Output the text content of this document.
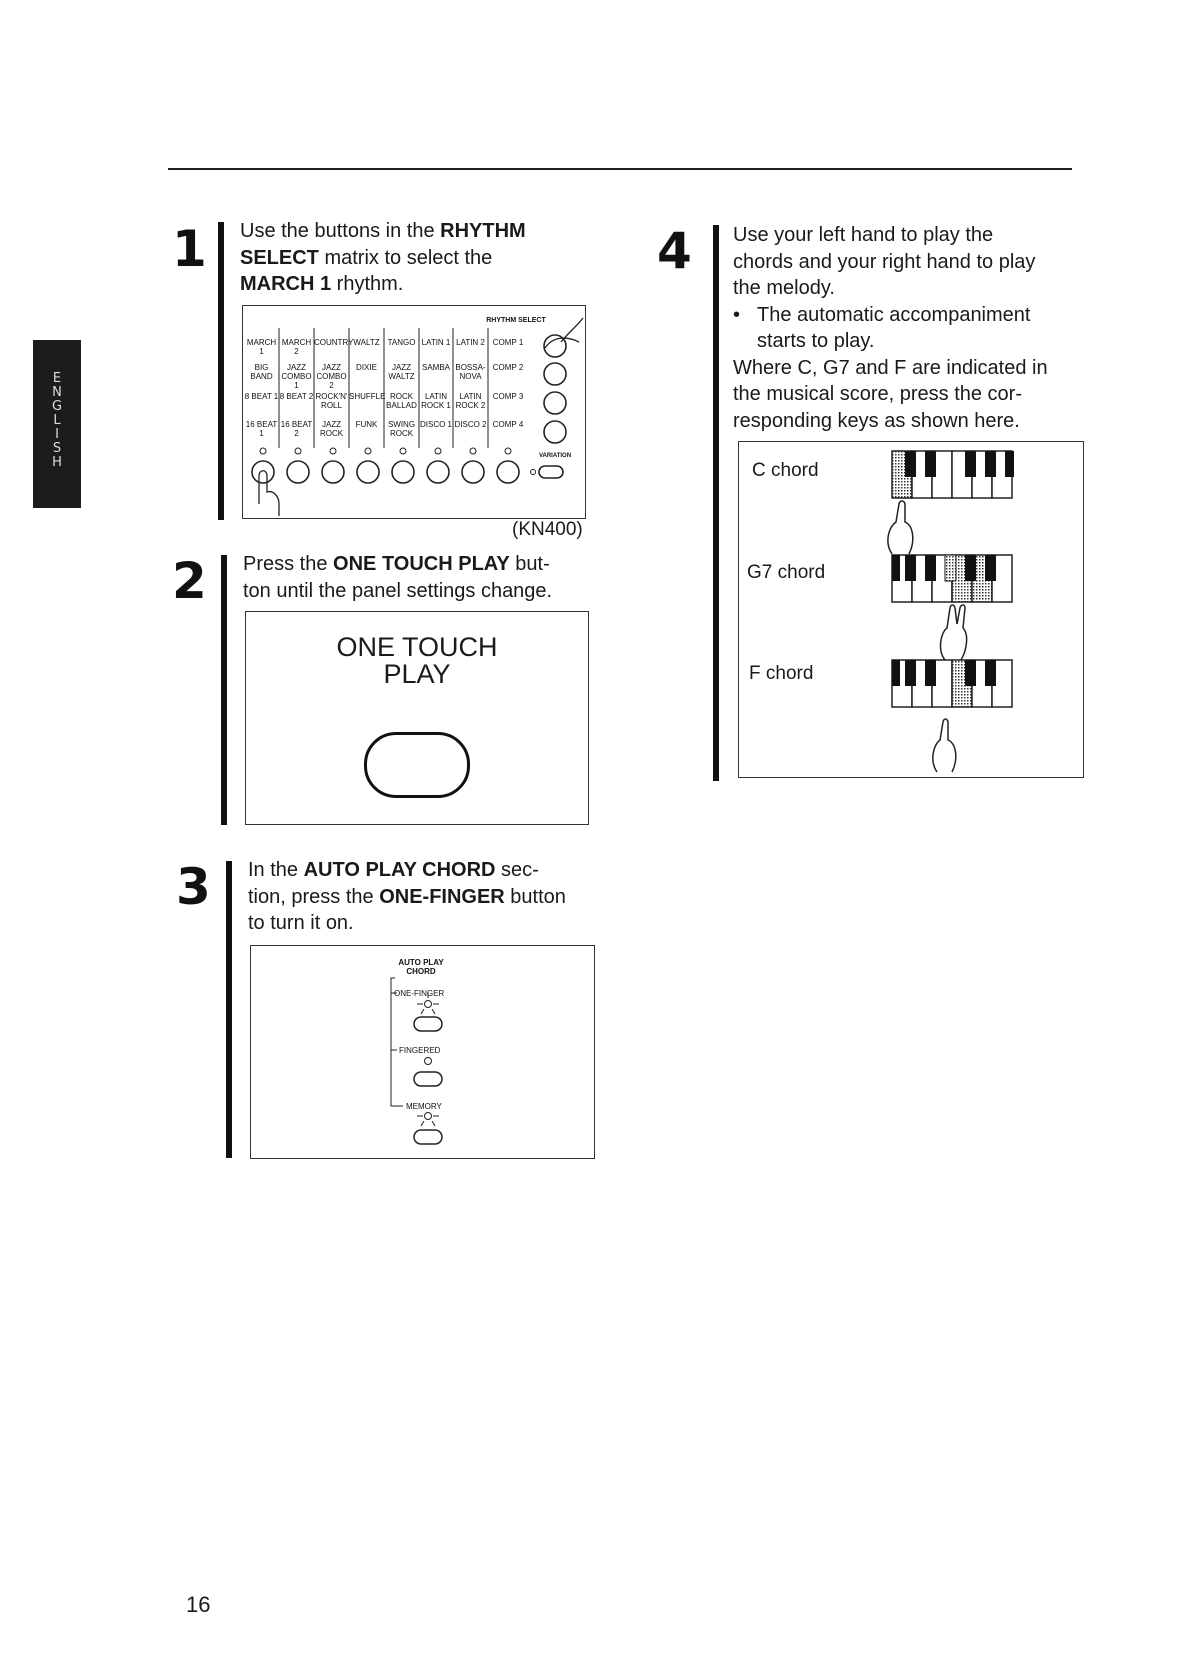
E
N
G
L
I
S
H
1 Use the buttons in the RHYTHM
SELECT matrix to select the
MARCH 1 rhythm.
RHYTHM SELECT
MARCH 1
MARCH 2
COUNTRY WALTZ TANGO LATIN 1 LATIN 2 COMP 1
BIG BAND
JAZZ COMBO 1
JAZZ COMBO 2
DIXIE	JAZZ WALTZ
SAMBA BOSSA-NOVA
COMP 2
8 BEAT 1 8 BEAT 2 ROCK'N' ROLL
SHUFFLE ROCK BALLAD
LATIN ROCK 1
LATIN ROCK 2
COMP 3
16 BEAT 1
16 BEAT 2
JAZZ ROCK
FUNK	SWING ROCK
DISCO 1 DISCO 2 COMP 4
VARIATION
(KN400)
2 Press the ONE TOUCH PLAY but-
ton until the panel settings change.
ONE TOUCH
PLAY
3 In the AUTO PLAY CHORD sec-
tion, press the ONE-FINGER button
to turn it on.
AUTO PLAY
CHORD
ONE-FINGER
FINGERED
MEMORY
4 Use your left hand to play the
chords and your right hand to play
the melody.
• The automatic accompaniment
starts to play.
Where C, G7 and F are indicated in
the musical score, press the cor-
responding keys as shown here.
C chord
G7 chord
F chord
16
